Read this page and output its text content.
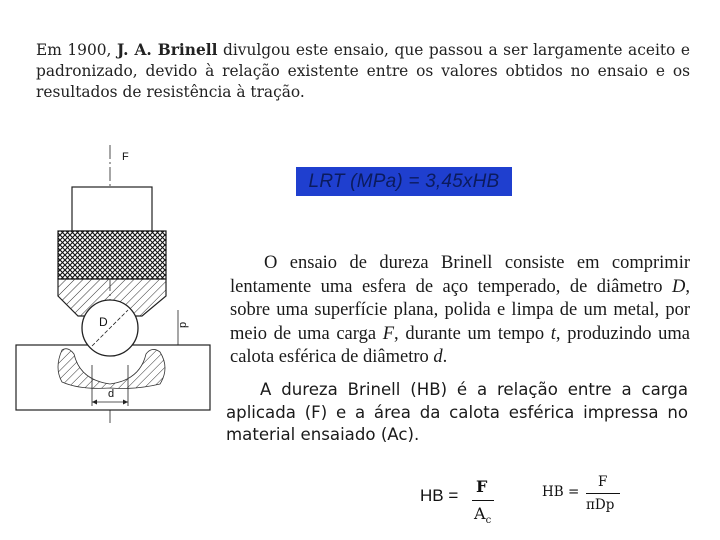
Em 1900, J. A. Brinell divulgou este ensaio, que passou a ser largamente aceito e padronizado, devido à relação existente entre os valores obtidos no ensaio e os resultados de resistência à tração.

F
D	p
d
LRT (MPa) = 3,45xHB

O ensaio de dureza Brinell consiste em comprimir lentamente uma esfera de aço temperado, de diâmetro D, sobre uma superfície plana, polida e limpa de um metal, por meio de uma carga F, durante um tempo t, produzindo uma calota esférica de diâmetro d.

A dureza Brinell (HB) é a relação entre a carga aplicada (F) e a área da calota esférica impressa no material ensaiado (Ac).

HB = F
$A_c$
HB =
F
πDp
